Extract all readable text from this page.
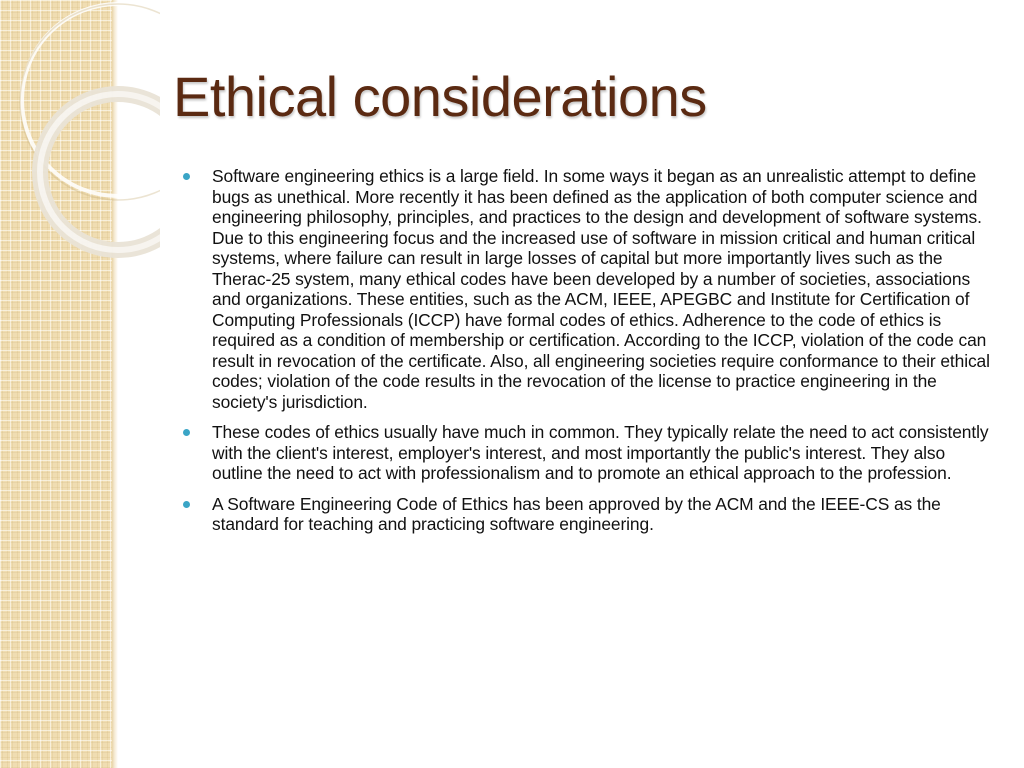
Ethical considerations
Software engineering ethics is a large field. In some ways it began as an unrealistic attempt to define bugs as unethical. More recently it has been defined as the application of both computer science and engineering philosophy, principles, and practices to the design and development of software systems. Due to this engineering focus and the increased use of software in mission critical and human critical systems, where failure can result in large losses of capital but more importantly lives such as the Therac-25 system, many ethical codes have been developed by a number of societies, associations and organizations. These entities, such as the ACM, IEEE, APEGBC and Institute for Certification of Computing Professionals (ICCP) have formal codes of ethics. Adherence to the code of ethics is required as a condition of membership or certification. According to the ICCP, violation of the code can result in revocation of the certificate. Also, all engineering societies require conformance to their ethical codes; violation of the code results in the revocation of the license to practice engineering in the society's jurisdiction.
These codes of ethics usually have much in common. They typically relate the need to act consistently with the client's interest, employer's interest, and most importantly the public's interest. They also outline the need to act with professionalism and to promote an ethical approach to the profession.
A Software Engineering Code of Ethics has been approved by the ACM and the IEEE-CS as the standard for teaching and practicing software engineering.
